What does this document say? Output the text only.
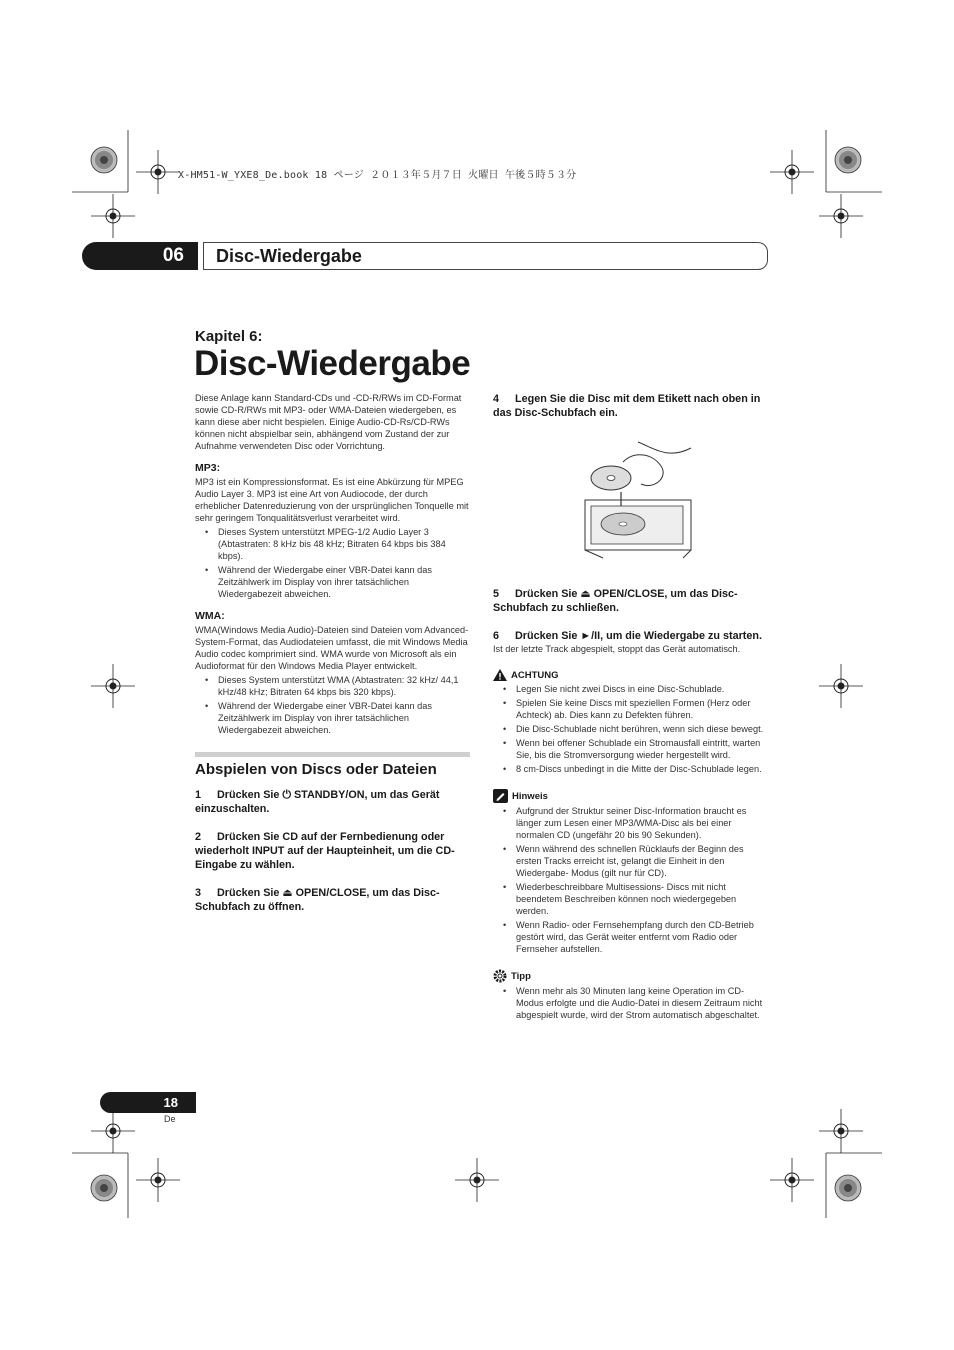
X-HM51-W_YXE8_De.book 18 ページ ２０１３年５月７日 火曜日 午後５時５３分
06	Disc-Wiedergabe
Kapitel 6:
Disc-Wiedergabe

Diese Anlage kann Standard-CDs und -CD-R/RWs im CD-Format sowie CD-R/RWs mit MP3- oder WMA-Dateien wiedergeben, es kann diese aber nicht bespielen. Einige Audio-CD-Rs/CD-RWs können nicht abspielbar sein, abhängend vom Zustand der zur Aufnahme verwendeten Disc oder Vorrichtung.

MP3:

MP3 ist ein Kompressionsformat. Es ist eine Abkürzung für MPEG Audio Layer 3. MP3 ist eine Art von Audiocode, der durch erheblicher Datenreduzierung von der ursprünglichen Tonquelle mit sehr geringem Tonqualitätsverlust verarbeitet wird.

• Dieses System unterstützt MPEG-1/2 Audio Layer 3 (Abtastraten: 8 kHz bis 48 kHz; Bitraten 64 kbps bis 384 kbps).
• Während der Wiedergabe einer VBR-Datei kann das Zeitzählwerk im Display von ihrer tatsächlichen Wiedergabezeit abweichen.
WMA:

WMA(Windows Media Audio)-Dateien sind Dateien vom Advanced-System-Format, das Audiodateien umfasst, die mit Windows Media Audio codec komprimiert sind. WMA wurde von Microsoft als ein Audioformat für den Windows Media Player entwickelt.

• Dieses System unterstützt WMA (Abtastraten: 32 kHz/ 44,1 kHz/48 kHz; Bitraten 64 kbps bis 320 kbps).
• Während der Wiedergabe einer VBR-Datei kann das Zeitzählwerk im Display von ihrer tatsächlichen Wiedergabezeit abweichen.
Abspielen von Discs oder Dateien
1 Drücken Sie ⏻ STANDBY/ON, um das Gerät einzuschalten.
2 Drücken Sie CD auf der Fernbedienung oder wiederholt INPUT auf der Haupteinheit, um die CD-Eingabe zu wählen.
3 Drücken Sie ⏏ OPEN/CLOSE, um das Disc-Schubfach zu öffnen.
4 Legen Sie die Disc mit dem Etikett nach oben in das Disc-Schubfach ein.
5 Drücken Sie ⏏ OPEN/CLOSE, um das Disc-Schubfach zu schließen.
6 Drücken Sie ►/II, um die Wiedergabe zu starten.

Ist der letzte Track abgespielt, stoppt das Gerät automatisch.

ACHTUNG
• Legen Sie nicht zwei Discs in eine Disc-Schublade.
• Spielen Sie keine Discs mit speziellen Formen (Herz oder Achteck) ab. Dies kann zu Defekten führen.
• Die Disc-Schublade nicht berühren, wenn sich diese bewegt.
• Wenn bei offener Schublade ein Stromausfall eintritt, warten Sie, bis die Stromversorgung wieder hergestellt wird.
• 8 cm-Discs unbedingt in die Mitte der Disc-Schublade legen.
Hinweis
• Aufgrund der Struktur seiner Disc-Information braucht es länger zum Lesen einer MP3/WMA-Disc als bei einer normalen CD (ungefähr 20 bis 90 Sekunden).
• Wenn während des schnellen Rücklaufs der Beginn des ersten Tracks erreicht ist, gelangt die Einheit in den Wiedergabe- Modus (gilt nur für CD).
• Wiederbeschreibbare Multisessions- Discs mit nicht beendetem Beschreiben können noch wiedergegeben werden.
• Wenn Radio- oder Fernsehempfang durch den CD-Betrieb gestört wird, das Gerät weiter entfernt vom Radio oder Fernseher aufstellen.
Tipp
• Wenn mehr als 30 Minuten lang keine Operation im CD-Modus erfolgte und die Audio-Datei in diesem Zeitraum nicht abgespielt wurde, wird der Strom automatisch abgeschaltet.
18
De
